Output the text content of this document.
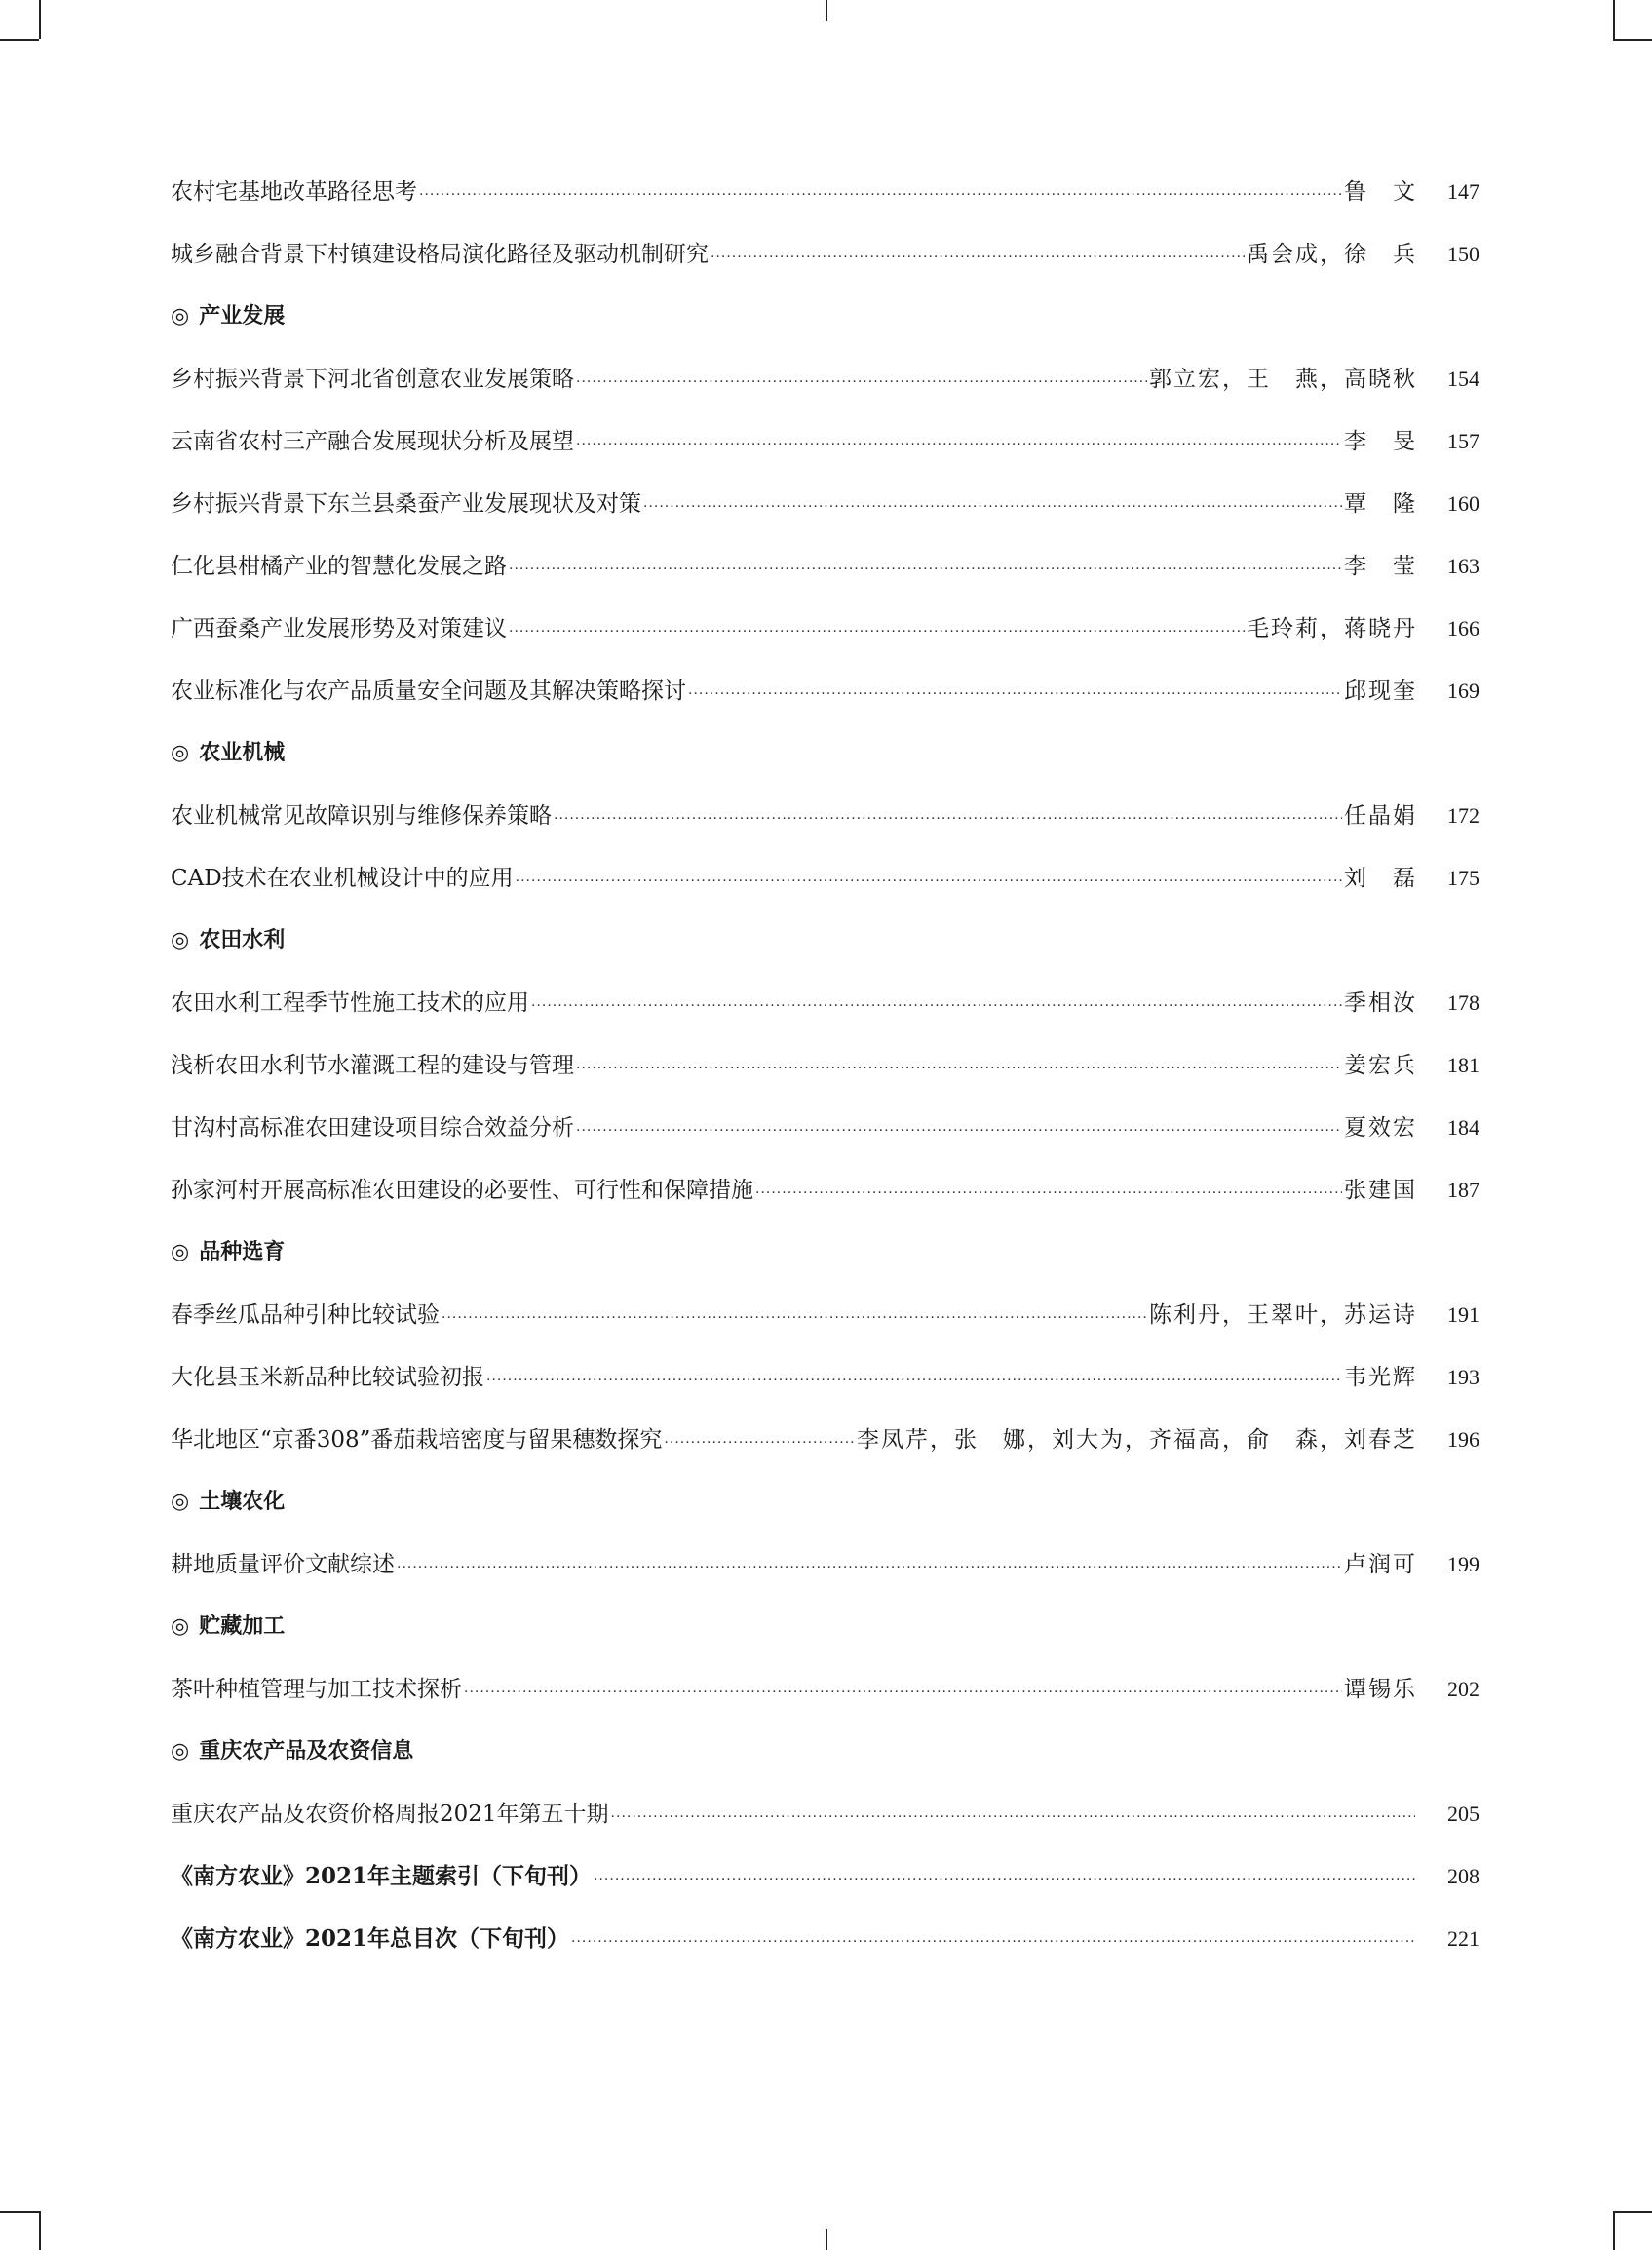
农村宅基地改革路径思考 ·····	鲁　文	147
城乡融合背景下村镇建设格局演化路径及驱动机制研究 ·····	禹会成，徐　兵	150
◎ 产业发展
乡村振兴背景下河北省创意农业发展策略 ·····	郭立宏，王　燕，高晓秋	154
云南省农村三产融合发展现状分析及展望 ·····	李　旻	157
乡村振兴背景下东兰县桑蚕产业发展现状及对策 ·····	覃　隆	160
仁化县柑橘产业的智慧化发展之路 ·····	李　莹	163
广西蚕桑产业发展形势及对策建议 ·····	毛玲莉，蒋晓丹	166
农业标准化与农产品质量安全问题及其解决策略探讨 ·····	邱现奎	169
◎ 农业机械
农业机械常见故障识别与维修保养策略 ·····	任晶娟	172
CAD技术在农业机械设计中的应用 ·····	刘　磊	175
◎ 农田水利
农田水利工程季节性施工技术的应用 ·····	季相汝	178
浅析农田水利节水灌溉工程的建设与管理 ·····	姜宏兵	181
甘沟村高标准农田建设项目综合效益分析 ·····	夏效宏	184
孙家河村开展高标准农田建设的必要性、可行性和保障措施 ·····	张建国	187
◎ 品种选育
春季丝瓜品种引种比较试验 ·····	陈利丹，王翠叶，苏运诗	191
大化县玉米新品种比较试验初报 ·····	韦光辉	193
华北地区“京番308”番茄栽培密度与留果穗数探究 ·····	李凤芹，张　娜，刘大为，齐福高，俞　森，刘春芝	196
◎ 土壤农化
耕地质量评价文献综述 ·····	卢润可	199
◎ 贮藏加工
茶叶种植管理与加工技术探析 ·····	谭锡乐	202
◎ 重庆农产品及农资信息
重庆农产品及农资价格周报2021年第五十期 ·····	205
《南方农业》2021年主题索引（下旬刊） ·····	208
《南方农业》2021年总目次（下旬刊） ·····	221
